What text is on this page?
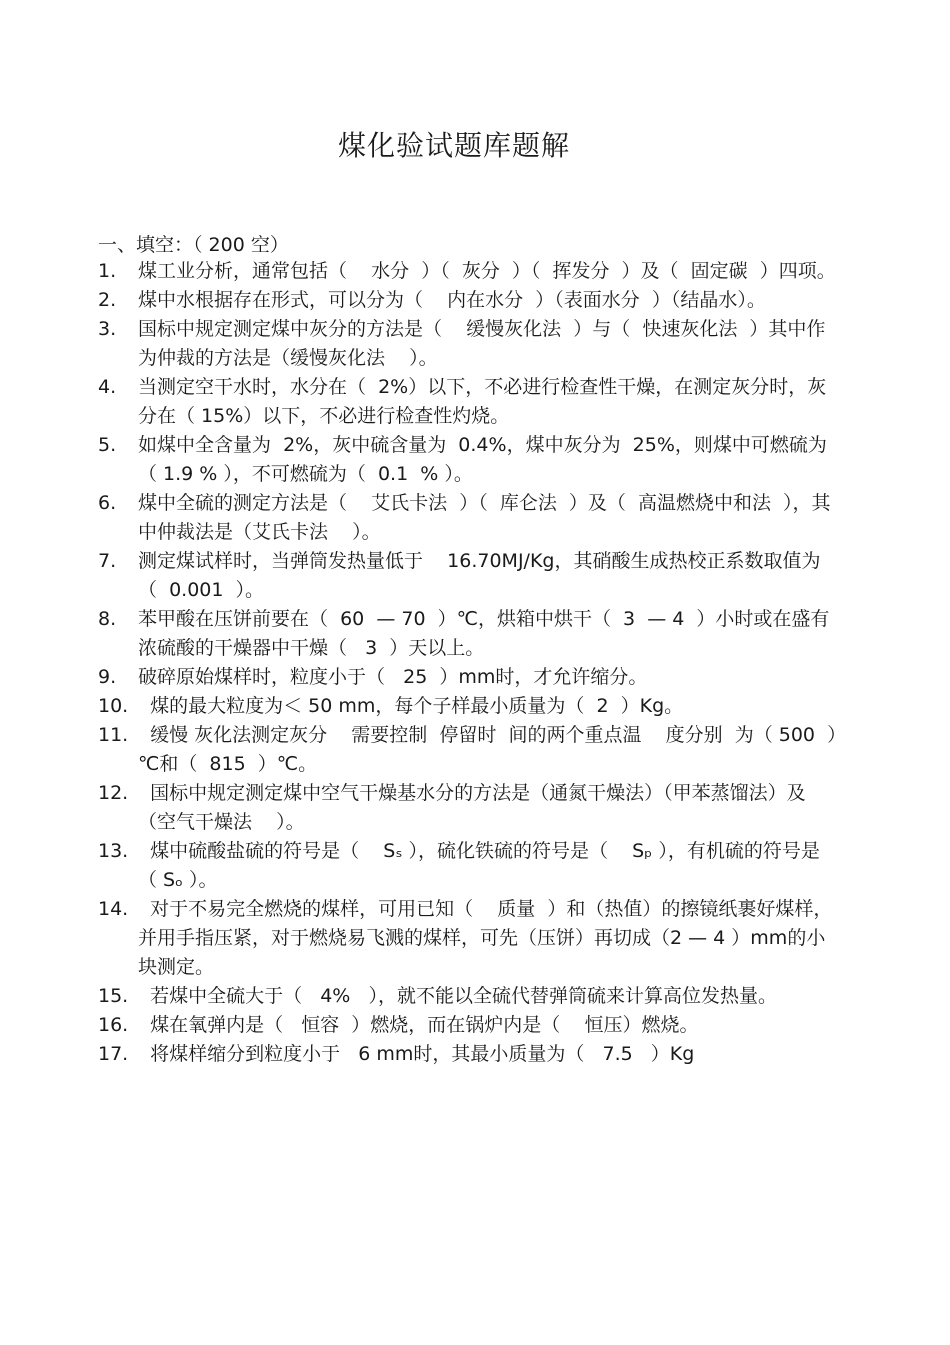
煤化验试题库题解
一、填空：（ 200 空）
1.	煤工业分析，通常包括（    水分  ）（  灰分  ）（  挥发分  ）及（  固定碳  ）四项。
2.	煤中水根据存在形式，可以分为（    内在水分  ）（表面水分  ）（结晶水）。
3.	国标中规定测定煤中灰分的方法是（    缓慢灰化法  ）与（  快速灰化法  ）其中作为仲裁的方法是（缓慢灰化法    ）。
4.	当测定空干水时，水分在（  2%）以下，不必进行检查性干燥，在测定灰分时，灰分在（ 15%）以下，不必进行检查性灼烧。
5.	如煤中全含量为  2%，灰中硫含量为  0.4%，煤中灰分为  25%，则煤中可燃硫为（ 1.9 % ），不可燃硫为（  0.1  % ）。
6.	煤中全硫的测定方法是（    艾氏卡法  ）（  库仑法  ）及（  高温燃烧中和法  ），其中仲裁法是（艾氏卡法    ）。
7.	测定煤试样时，当弹筒发热量低于    16.70MJ/Kg，其硝酸生成热校正系数取值为（  0.001  ）。
8.	苯甲酸在压饼前要在（  60  — 70  ）℃，烘箱中烘干（  3  — 4  ）小时或在盛有浓硫酸的干燥器中干燥（   3  ）天以上。
9.	破碎原始煤样时，粒度小于（   25  ）mm时，才允许缩分。
10. 煤的最大粒度为＜ 50 mm，每个子样最小质量为（  2  ）Kg。
11. 缓慢 灰化法测定灰分    需要控制  停留时  间的两个重点温    度分别  为（ 500  ）℃和（  815  ）℃。
12. 国标中规定测定煤中空气干燥基水分的方法是（通氮干燥法）（甲苯蒸馏法）及（空气干燥法    ）。
13. 煤中硫酸盐硫的符号是（    Sₛ ），硫化铁硫的符号是（    Sₚ ），有机硫的符号是（ Sₒ ）。
14. 对于不易完全燃烧的煤样，可用已知（    质量  ）和（热值）的擦镜纸裹好煤样，并用手指压紧，对于燃烧易飞溅的煤样，可先（压饼）再切成（2 — 4 ）mm的小块测定。
15. 若煤中全硫大于（   4%   ），就不能以全硫代替弹筒硫来计算高位发热量。
16. 煤在氧弹内是（   恒容  ）燃烧，而在锅炉内是（    恒压）燃烧。
17. 将煤样缩分到粒度小于   6 mm时，其最小质量为（   7.5   ）Kg
